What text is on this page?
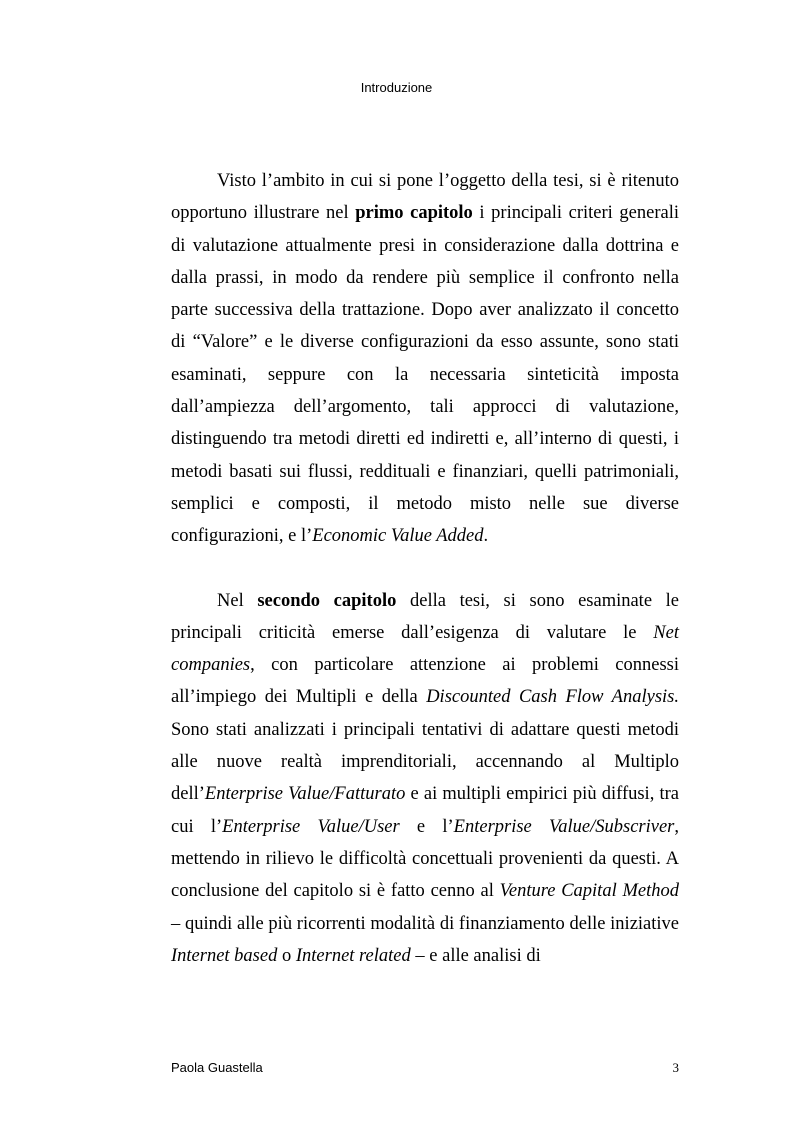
Introduzione

Visto l’ambito in cui si pone l’oggetto della tesi, si è ritenuto opportuno illustrare nel primo capitolo i principali criteri generali di valutazione attualmente presi in considerazione dalla dottrina e dalla prassi, in modo da rendere più semplice il confronto nella parte successiva della trattazione. Dopo aver analizzato il concetto di “Valore” e le diverse configurazioni da esso assunte, sono stati esaminati, seppure con la necessaria sinteticità imposta dall’ampiezza dell’argomento, tali approcci di valutazione, distinguendo tra metodi diretti ed indiretti e, all’interno di questi, i metodi basati sui flussi, reddituali e finanziari, quelli patrimoniali, semplici e composti, il metodo misto nelle sue diverse configurazioni, e l’Economic Value Added.

Nel secondo capitolo della tesi, si sono esaminate le principali criticità emerse dall’esigenza di valutare le Net companies, con particolare attenzione ai problemi connessi all’impiego dei Multipli e della Discounted Cash Flow Analysis. Sono stati analizzati i principali tentativi di adattare questi metodi alle nuove realtà imprenditoriali, accennando al Multiplo dell’Enterprise Value/Fatturato e ai multipli empirici più diffusi, tra cui l’Enterprise Value/User e l’Enterprise Value/Subscriver, mettendo in rilievo le difficoltà concettuali provenienti da questi. A conclusione del capitolo si è fatto cenno al Venture Capital Method – quindi alle più ricorrenti modalità di finanziamento delle iniziative Internet based o Internet related – e alle analisi di

Paola Guastella	3
